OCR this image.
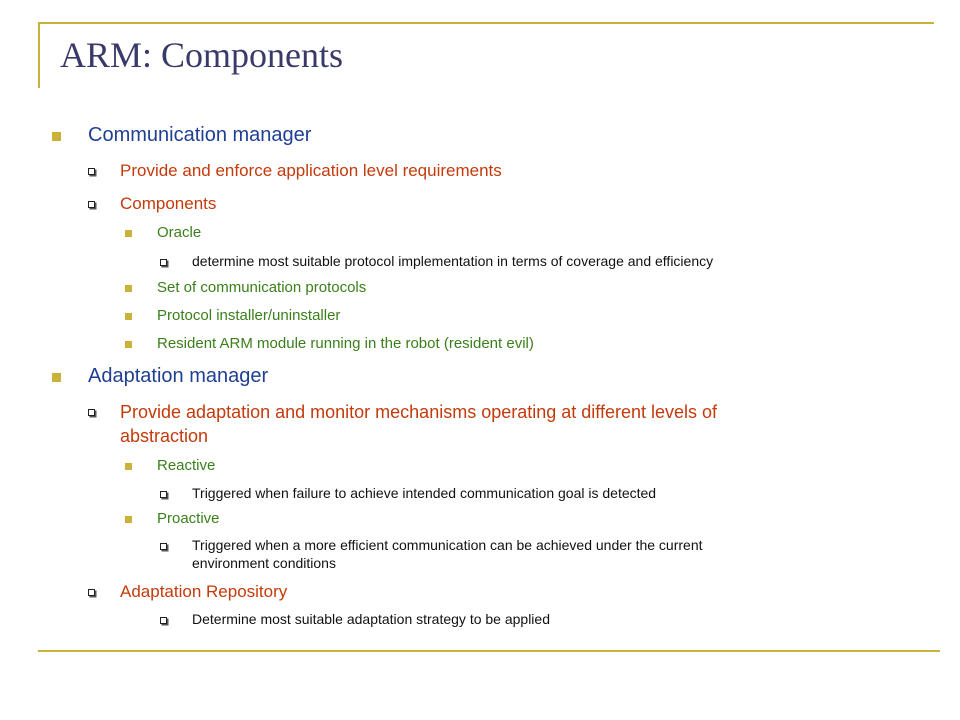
ARM: Components
Communication manager
Provide and enforce application level requirements
Components
Oracle
determine most suitable protocol implementation in terms of coverage and efficiency
Set of communication protocols
Protocol installer/uninstaller
Resident ARM module running in the robot (resident evil)
Adaptation manager
Provide adaptation and monitor mechanisms operating at different levels of
abstraction
Reactive
Triggered when failure to achieve intended communication goal is detected
Proactive
Triggered when a more efficient communication can be achieved under the current
environment conditions
Adaptation Repository
Determine most suitable adaptation strategy to be applied
